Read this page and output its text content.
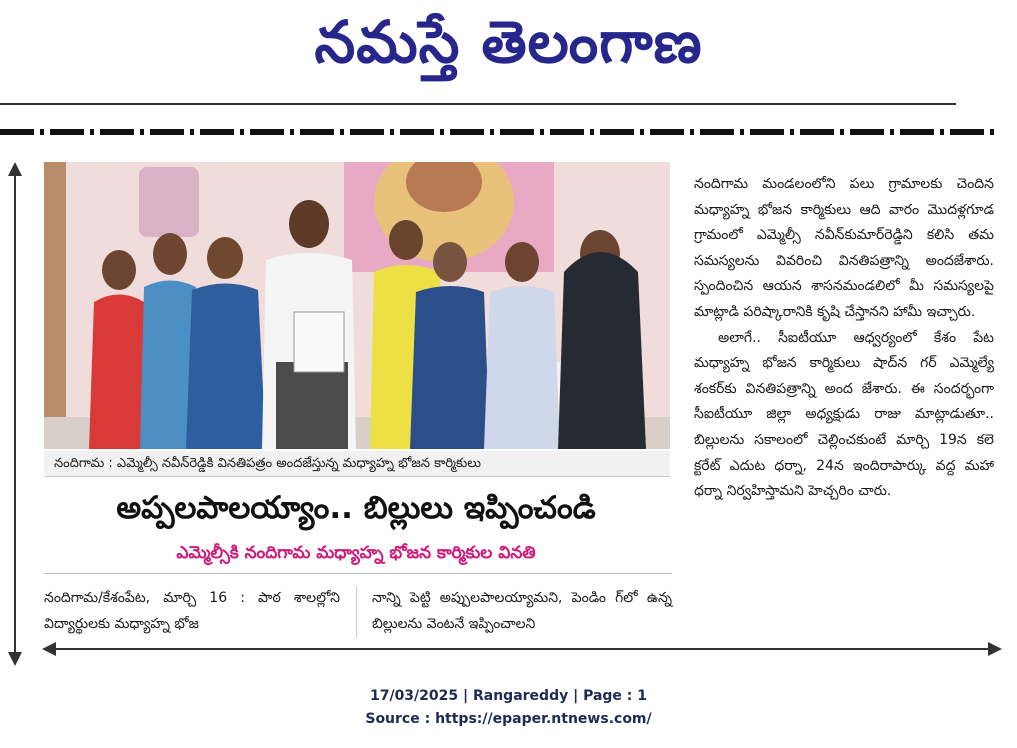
నమస్తే తెలంగాణ
నందిగామ : ఎమ్మెల్సీ నవీన్‌రెడ్డికి వినతిపత్రం అందజేస్తున్న మధ్యాహ్న భోజన కార్మికులు
అప్పలపాలయ్యాం.. బిల్లులు ఇప్పించండి
ఎమ్మెల్సీకి నందిగామ మధ్యాహ్న భోజన కార్మికుల వినతి

నందిగామ/కేశంపేట, మార్చి 16 : పాఠ శాలల్లోని విద్యార్థులకు మధ్యాహ్న భోజ

నాన్ని పెట్టి అప్పులపాలయ్యామని, పెండిం గ్‌లో ఉన్న బిల్లులను వెంటనే ఇప్పించాలని

నందిగామ మండలంలోని పలు గ్రామాలకు చెందిన మధ్యాహ్న భోజన కార్మికులు ఆది వారం మొదళ్లగూడ గ్రామంలో ఎమ్మెల్సీ నవీన్‌కుమార్‌రెడ్డిని కలిసి తమ సమస్యలను వివరించి వినతిపత్రాన్ని అందజేశారు. స్పందించిన ఆయన శాసనమండలిలో మీ సమస్యలపై మాట్లాడి పరిష్కారానికి కృషి చేస్తానని హామీ ఇచ్చారు.

అలాగే.. సీఐటీయూ ఆధ్వర్యంలో కేశం పేట మధ్యాహ్న భోజన కార్మికులు షాద్‌న గర్ ఎమ్మెల్యే శంకర్‌కు వినతిపత్రాన్ని అంద జేశారు. ఈ సందర్భంగా సీఐటీయూ జిల్లా అధ్యక్షుడు రాజు మాట్లాడుతూ.. బిల్లులను సకాలంలో చెల్లించకుంటే మార్చి 19న కలె క్టరేట్ ఎదుట ధర్నా, 24న ఇందిరాపార్కు వద్ద మహా ధర్నా నిర్వహిస్తామని హెచ్చరిం చారు.

17/03/2025 | Rangareddy | Page : 1
Source : https://epaper.ntnews.com/
